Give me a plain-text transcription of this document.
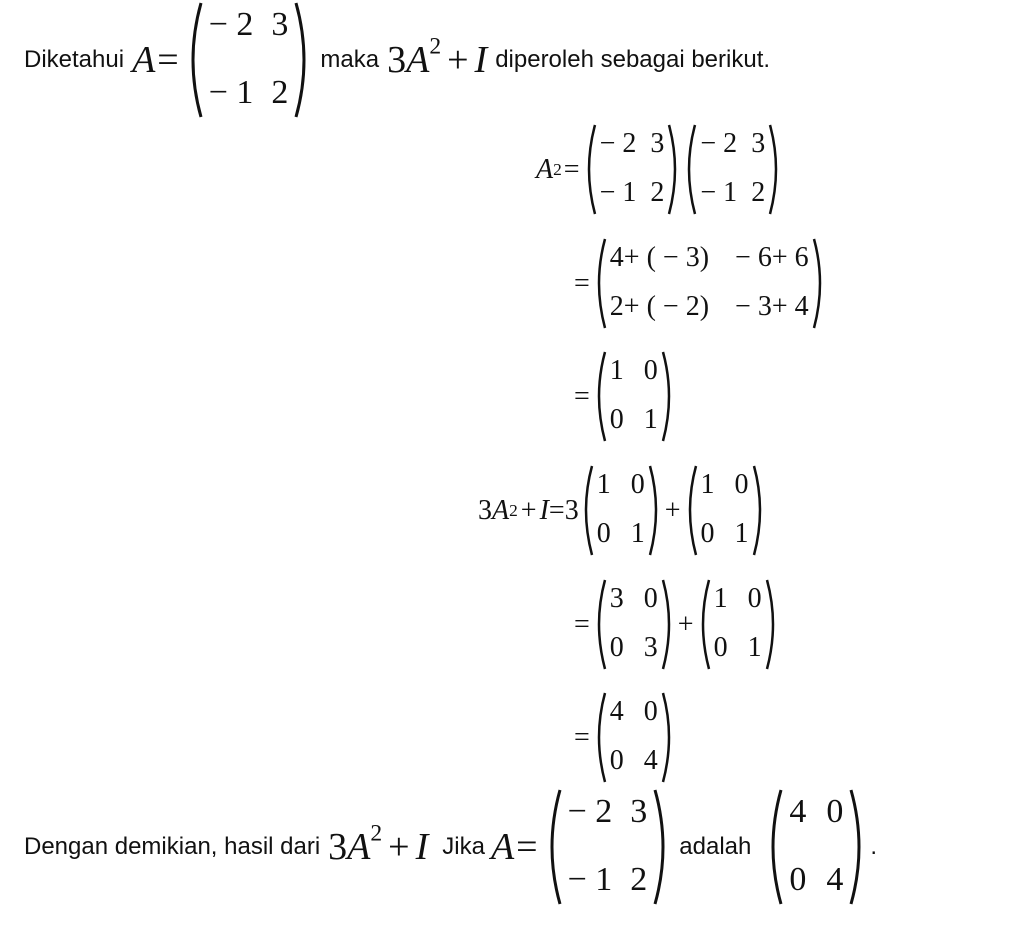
Diketahui A =
− 2 3
− 1 2
maka $3A^2 + I$ diperoleh sebagai berikut.
A 2 =
− 2 3
− 1 2
− 2 3
− 1 2
=
4+ ( − 3) − 6+ 6
2+ ( − 2) − 3+ 4
=
1 0
0 1
3 A 2 + I = 3
1 0
0 1
+
1 0
0 1
=
3 0
0 3
+
1 0
0 1
=
4 0
0 4
Dengan demikian, hasil dari $3A^2 + I$ Jika A =
− 2 3
− 1 2
adalah
4 0
0 4
.
